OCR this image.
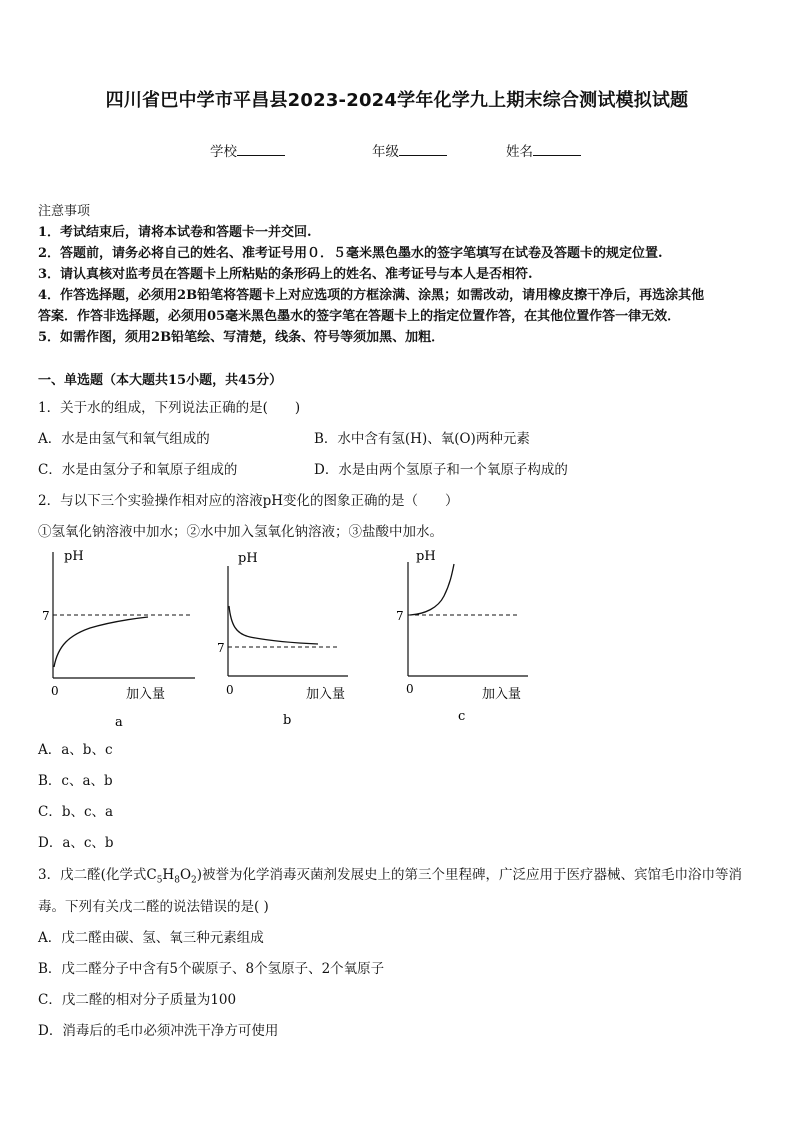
四川省巴中学市平昌县2023-2024学年化学九上期末综合测试模拟试题
学校	年级	姓名
注意事项
1．考试结束后，请将本试卷和答题卡一并交回.
2．答题前，请务必将自己的姓名、准考证号用０．５毫米黑色墨水的签字笔填写在试卷及答题卡的规定位置.
3．请认真核对监考员在答题卡上所粘贴的条形码上的姓名、准考证号与本人是否相符.
4．作答选择题，必须用2B铅笔将答题卡上对应选项的方框涂满、涂黑；如需改动，请用橡皮擦干净后，再选涂其他
答案．作答非选择题，必须用05毫米黑色墨水的签字笔在答题卡上的指定位置作答，在其他位置作答一律无效．
5．如需作图，须用2B铅笔绘、写清楚，线条、符号等须加黑、加粗．
一、单选题（本大题共15小题，共45分）
1．关于水的组成，下列说法正确的是(　　)
A．水是由氢气和氧气组成的	B．水中含有氢(H)、氧(O)两种元素
C．水是由氢分子和氧原子组成的	D．水是由两个氢原子和一个氧原子构成的
2．与以下三个实验操作相对应的溶液pH变化的图象正确的是（　　）
①氢氧化钠溶液中加水；②水中加入氢氧化钠溶液；③盐酸中加水。
pH
7
0	加入量
a
pH
7
0	加入量
b
pH
7
0	加入量
c
A．a、b、c
B．c、a、b
C．b、c、a
D．a、c、b
3．戊二醛(化学式$C_5H_8O_2$)被誉为化学消毒灭菌剂发展史上的第三个里程碑，广泛应用于医疗器械、宾馆毛巾浴巾等消
毒。下列有关戊二醛的说法错误的是( )
A．戊二醛由碳、氢、氧三种元素组成
B．戊二醛分子中含有5个碳原子、8个氢原子、2个氧原子
C．戊二醛的相对分子质量为100
D．消毒后的毛巾必须冲洗干净方可使用
